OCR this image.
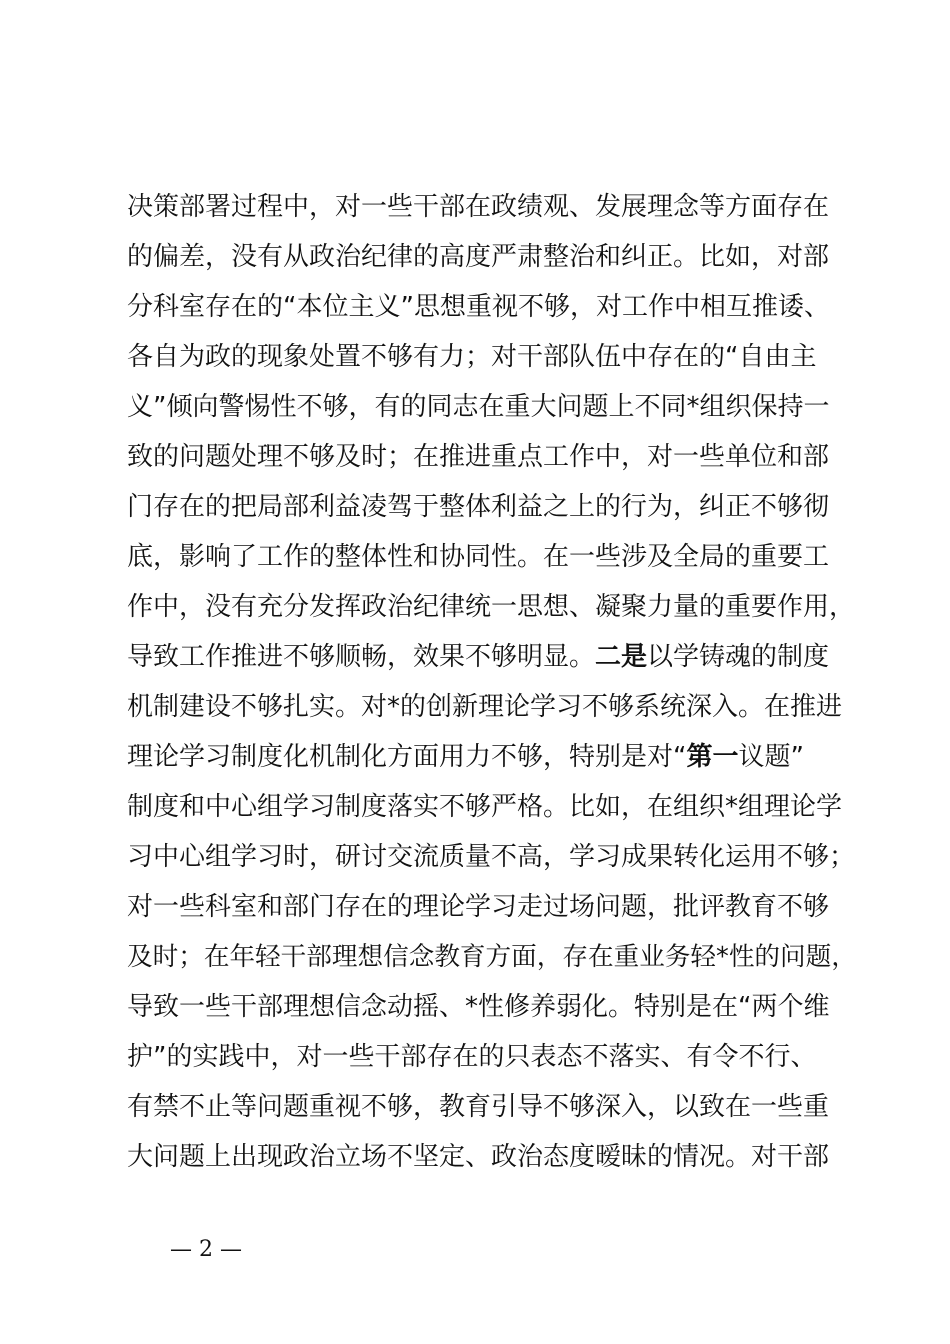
决策部署过程中，对一些干部在政绩观、发展理念等方面存在
的偏差，没有从政治纪律的高度严肃整治和纠正。比如，对部
分科室存在的“本位主义”思想重视不够，对工作中相互推诿、
各自为政的现象处置不够有力；对干部队伍中存在的“自由主
义”倾向警惕性不够，有的同志在重大问题上不同*组织保持一
致的问题处理不够及时；在推进重点工作中，对一些单位和部
门存在的把局部利益凌驾于整体利益之上的行为，纠正不够彻
底，影响了工作的整体性和协同性。在一些涉及全局的重要工
作中，没有充分发挥政治纪律统一思想、凝聚力量的重要作用，
导致工作推进不够顺畅，效果不够明显。二是以学铸魂的制度
机制建设不够扎实。对*的创新理论学习不够系统深入。在推进
理论学习制度化机制化方面用力不够，特别是对“第一议题”
制度和中心组学习制度落实不够严格。比如，在组织*组理论学
习中心组学习时，研讨交流质量不高，学习成果转化运用不够；
对一些科室和部门存在的理论学习走过场问题，批评教育不够
及时；在年轻干部理想信念教育方面，存在重业务轻*性的问题，
导致一些干部理想信念动摇、*性修养弱化。特别是在“两个维
护”的实践中，对一些干部存在的只表态不落实、有令不行、
有禁不止等问题重视不够，教育引导不够深入，以致在一些重
大问题上出现政治立场不坚定、政治态度暧昧的情况。对干部
— 2 —
